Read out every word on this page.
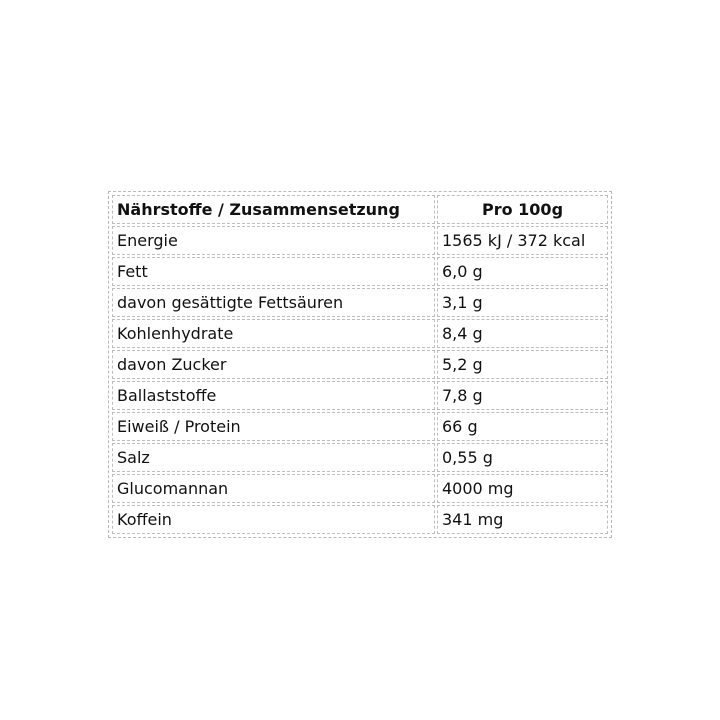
Nährstoffe / Zusammensetzung	Pro 100g
Energie	1565 kJ / 372 kcal
Fett	6,0 g
davon gesättigte Fettsäuren	3,1 g
Kohlenhydrate	8,4 g
davon Zucker	5,2 g
Ballaststoffe	7,8 g
Eiweiß / Protein	66 g
Salz	0,55 g
Glucomannan	4000 mg
Koffein	341 mg
